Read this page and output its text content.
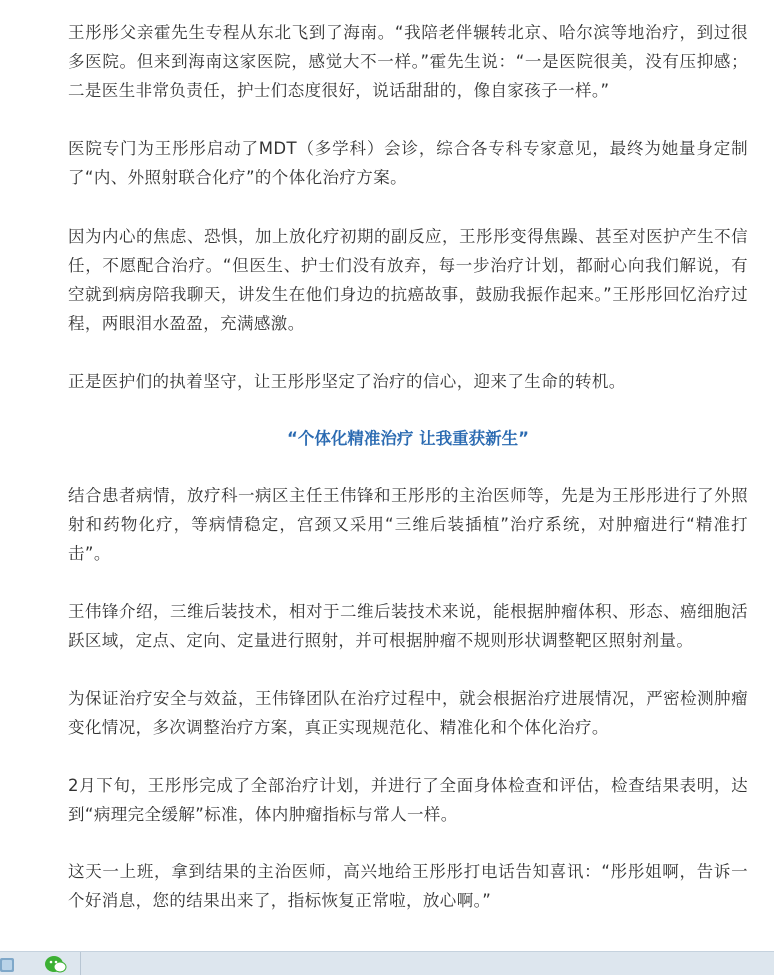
王彤彤父亲霍先生专程从东北飞到了海南。“我陪老伴辗转北京、哈尔滨等地治疗，到过很多医院。但来到海南这家医院，感觉大不一样。”霍先生说：“一是医院很美，没有压抑感；二是医生非常负责任，护士们态度很好，说话甜甜的，像自家孩子一样。”

医院专门为王彤彤启动了MDT（多学科）会诊，综合各专科专家意见，最终为她量身定制了“内、外照射联合化疗”的个体化治疗方案。

因为内心的焦虑、恐惧，加上放化疗初期的副反应，王彤彤变得焦躁、甚至对医护产生不信任，不愿配合治疗。“但医生、护士们没有放弃，每一步治疗计划，都耐心向我们解说，有空就到病房陪我聊天，讲发生在他们身边的抗癌故事，鼓励我振作起来。”王彤彤回忆治疗过程，两眼泪水盈盈，充满感激。

正是医护们的执着坚守，让王彤彤坚定了治疗的信心，迎来了生命的转机。

“个体化精准治疗 让我重获新生”

结合患者病情，放疗科一病区主任王伟锋和王彤彤的主治医师等，先是为王彤彤进行了外照射和药物化疗，等病情稳定，宫颈又采用“三维后装插植”治疗系统，对肿瘤进行“精准打击”。

王伟锋介绍，三维后装技术，相对于二维后装技术来说，能根据肿瘤体积、形态、癌细胞活跃区域，定点、定向、定量进行照射，并可根据肿瘤不规则形状调整靶区照射剂量。

为保证治疗安全与效益，王伟锋团队在治疗过程中，就会根据治疗进展情况，严密检测肿瘤变化情况，多次调整治疗方案，真正实现规范化、精准化和个体化治疗。

2月下旬，王彤彤完成了全部治疗计划，并进行了全面身体检查和评估，检查结果表明，达到“病理完全缓解”标准，体内肿瘤指标与常人一样。

这天一上班，拿到结果的主治医师，高兴地给王彤彤打电话告知喜讯：“彤彤姐啊，告诉一个好消息，您的结果出来了，指标恢复正常啦，放心啊。”
